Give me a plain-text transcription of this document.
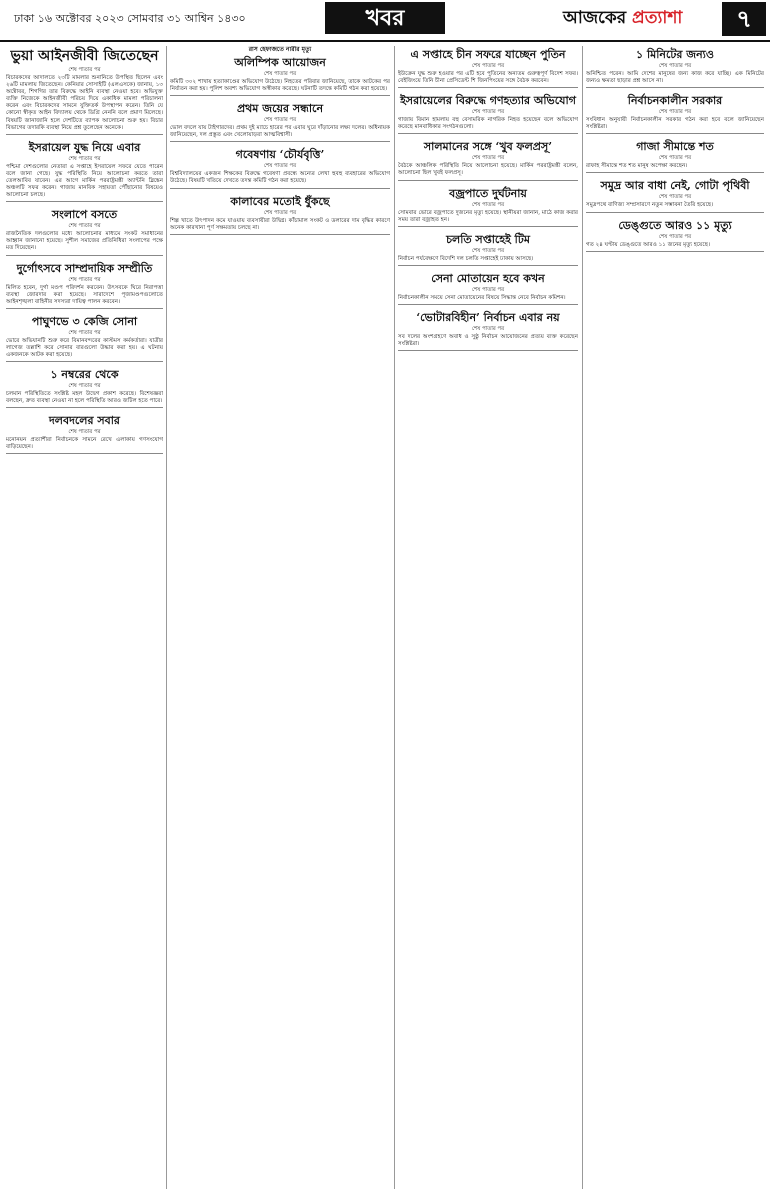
ঢাকা ১৬ অক্টোবর ২০২৩ সোমবার ৩১ আশ্বিন ১৪৩০	খবর	আজকের প্রত্যাশা	৭
ভুয়া আইনজীবী জিতেছেন
শেষ পাতার পর

বিচারকদের আদালতে ২৩টি মামলার শুনানিতে উপস্থিত ছিলেন এবং ২৬টি মামলায় জিতেছেন। কেনিয়ার সোসাইটি (এলএসকে) জানায়, ১৩ অক্টোবর, শিগগির তার বিরুদ্ধে আইনি ব্যবস্থা নেওয়া হবে। অভিযুক্ত ব্যক্তি নিজেকে আইনজীবী পরিচয় দিয়ে একাধিক মামলা পরিচালনা করেন এবং বিচারকদের সামনে যুক্তিতর্ক উপস্থাপন করেন। তিনি যে কোনো স্বীকৃত আইন বিদ্যালয় থেকে ডিগ্রি নেননি বলে প্রমাণ মিলেছে। বিষয়টি জানাজানি হলে দেশটিতে ব্যাপক আলোচনা শুরু হয়। বিচার বিভাগের তদারকি ব্যবস্থা নিয়ে প্রশ্ন তুলেছেন অনেকে।

ইসরায়েল যুদ্ধ নিয়ে এবার
শেষ পাতার পর

পশ্চিমা দেশগুলোর নেতারা এ সপ্তাহে ইসরায়েল সফরে যেতে পারেন বলে জানা গেছে। যুদ্ধ পরিস্থিতি নিয়ে আলোচনা করতে তারা তেলআবিব যাবেন। এর আগে মার্কিন পররাষ্ট্রমন্ত্রী অ্যান্টনি ব্লিঙ্কেন অঞ্চলটি সফর করেন। গাজায় মানবিক সহায়তা পৌঁছানোর বিষয়েও আলোচনা চলছে।

সংলাপে বসতে
শেষ পাতার পর

রাজনৈতিক দলগুলোর মধ্যে আলোচনার মাধ্যমে সংকট সমাধানের আহ্বান জানানো হয়েছে। সুশীল সমাজের প্রতিনিধিরা সংলাপের পক্ষে মত দিয়েছেন।

দুর্গোৎসবে সাম্প্রদায়িক সম্প্রীতি
শেষ পাতার পর

মিলিত হবেন, দুর্গা মণ্ডপ পরিদর্শন করবেন। উৎসবকে ঘিরে নিরাপত্তা ব্যবস্থা জোরদার করা হয়েছে। সারাদেশে পূজামণ্ডপগুলোতে আইনশৃঙ্খলা বাহিনীর সদস্যরা দায়িত্ব পালন করবেন।

পাঘুণভে ৩ কেজি সোনা
শেষ পাতার পর

ভোরে অভিযানটি শুরু করে বিমানবন্দরের কাস্টমস কর্মকর্তারা। যাত্রীর লাগেজ তল্লাশি করে সোনার বারগুলো উদ্ধার করা হয়। এ ঘটনায় একজনকে আটক করা হয়েছে।

১ নম্বরের থেকে
শেষ পাতার পর

চলমান পরিস্থিতিতে সংশ্লিষ্ট মহল উদ্বেগ প্রকাশ করেছে। বিশেষজ্ঞরা বলছেন, দ্রুত ব্যবস্থা নেওয়া না হলে পরিস্থিতি আরও জটিল হতে পারে।

দলবদলের সবার
শেষ পাতার পর

মনোনয়ন প্রত্যাশীরা নির্বাচনকে সামনে রেখে এলাকায় গণসংযোগ বাড়িয়েছেন।

রাস হেফাজতে নারীর মৃত্যু
অলিম্পিক আয়োজন
শেষ পাতার পর

কমিটি ৩০২ শাখায় হত্যাকাণ্ডের অভিযোগ উঠেছে। নিহতের পরিবার জানিয়েছে, তাকে আটকের পর নির্যাতন করা হয়। পুলিশ অবশ্য অভিযোগ অস্বীকার করেছে। ঘটনাটি তদন্তে কমিটি গঠন করা হয়েছে।

প্রথম জয়ের সন্ধানে
শেষ পাতার পর

ভোল বদলে যায় টাইগারদের। প্রথম দুই ম্যাচে হারের পর এবার ঘুরে দাঁড়ানোর লক্ষ্য দলের। অধিনায়ক জানিয়েছেন, দল প্রস্তুত এবং খেলোয়াড়রা আত্মবিশ্বাসী।

গবেষণায় ‘চৌর্যবৃত্তি’
শেষ পাতার পর

বিশ্ববিদ্যালয়ের একজন শিক্ষকের বিরুদ্ধে গবেষণা প্রবন্ধে অন্যের লেখা হুবহু ব্যবহারের অভিযোগ উঠেছে। বিষয়টি খতিয়ে দেখতে তদন্ত কমিটি গঠন করা হয়েছে।

কালাবের মতোই ধুঁকছে
শেষ পাতার পর

শিল্প খাতে উৎপাদন কমে যাওয়ায় ব্যবসায়ীরা উদ্বিগ্ন। কাঁচামাল সংকট ও ডলারের দাম বৃদ্ধির কারণে অনেক কারখানা পূর্ণ সক্ষমতায় চলছে না।

এ সপ্তাহে চীন সফরে যাচ্ছেন পুতিন
শেষ পাতার পর

ইউক্রেন যুদ্ধ শুরু হওয়ার পর এটি হবে পুতিনের অন্যতম গুরুত্বপূর্ণ বিদেশ সফর। বেইজিংয়ে তিনি চীনা প্রেসিডেন্ট শি জিনপিংয়ের সঙ্গে বৈঠক করবেন।

ইসরায়েলের বিরুদ্ধে গণহত্যার অভিযোগ
শেষ পাতার পর

গাজায় বিমান হামলায় বহু বেসামরিক নাগরিক নিহত হয়েছেন বলে অভিযোগ করেছে মানবাধিকার সংগঠনগুলো।

সালমানের সঙ্গে ‘খুব ফলপ্রসূ’
শেষ পাতার পর

বৈঠকে আঞ্চলিক পরিস্থিতি নিয়ে আলোচনা হয়েছে। মার্কিন পররাষ্ট্রমন্ত্রী বলেন, আলোচনা ছিল খুবই ফলপ্রসূ।

বজ্রপাতে দুর্ঘটনায়
শেষ পাতার পর

সোমবার ভোরে বজ্রপাতে দুজনের মৃত্যু হয়েছে। স্থানীয়রা জানান, মাঠে কাজ করার সময় তারা বজ্রাহত হন।

চলতি সপ্তাহেই টিম
শেষ পাতার পর

নির্বাচন পর্যবেক্ষণে বিদেশি দল চলতি সপ্তাহেই ঢাকায় আসছে।

সেনা মোতায়েন হবে কখন
শেষ পাতার পর

নির্বাচনকালীন সময়ে সেনা মোতায়েনের বিষয়ে সিদ্ধান্ত নেবে নির্বাচন কমিশন।

‘ভোটারবিহীন’ নির্বাচন এবার নয়
শেষ পাতার পর

সব দলের অংশগ্রহণে অবাধ ও সুষ্ঠু নির্বাচন আয়োজনের প্রত্যয় ব্যক্ত করেছেন সংশ্লিষ্টরা।

১ মিনিটের জন্যও
শেষ পাতার পর

অনিশ্চিত পরেন। আমি দেশের মানুষের জন্য কাজ করে যাচ্ছি। এক মিনিটের জন্যও ক্ষমতা ছাড়ার প্রশ্ন আসে না।

নির্বাচনকালীন সরকার
শেষ পাতার পর

সংবিধান অনুযায়ী নির্বাচনকালীন সরকার গঠন করা হবে বলে জানিয়েছেন সংশ্লিষ্টরা।

গাজা সীমান্তে শত
শেষ পাতার পর

রাফাহ সীমান্তে শত শত মানুষ অপেক্ষা করছেন।

সমুদ্র আর বাধা নেই, গোটা পৃথিবী
শেষ পাতার পর

সমুদ্রপথে বাণিজ্য সম্প্রসারণে নতুন সম্ভাবনা তৈরি হয়েছে।

ডেঙ্গুতে আরও ১১ মৃত্যু
শেষ পাতার পর

গত ২৪ ঘণ্টায় ডেঙ্গুতে আরও ১১ জনের মৃত্যু হয়েছে।
